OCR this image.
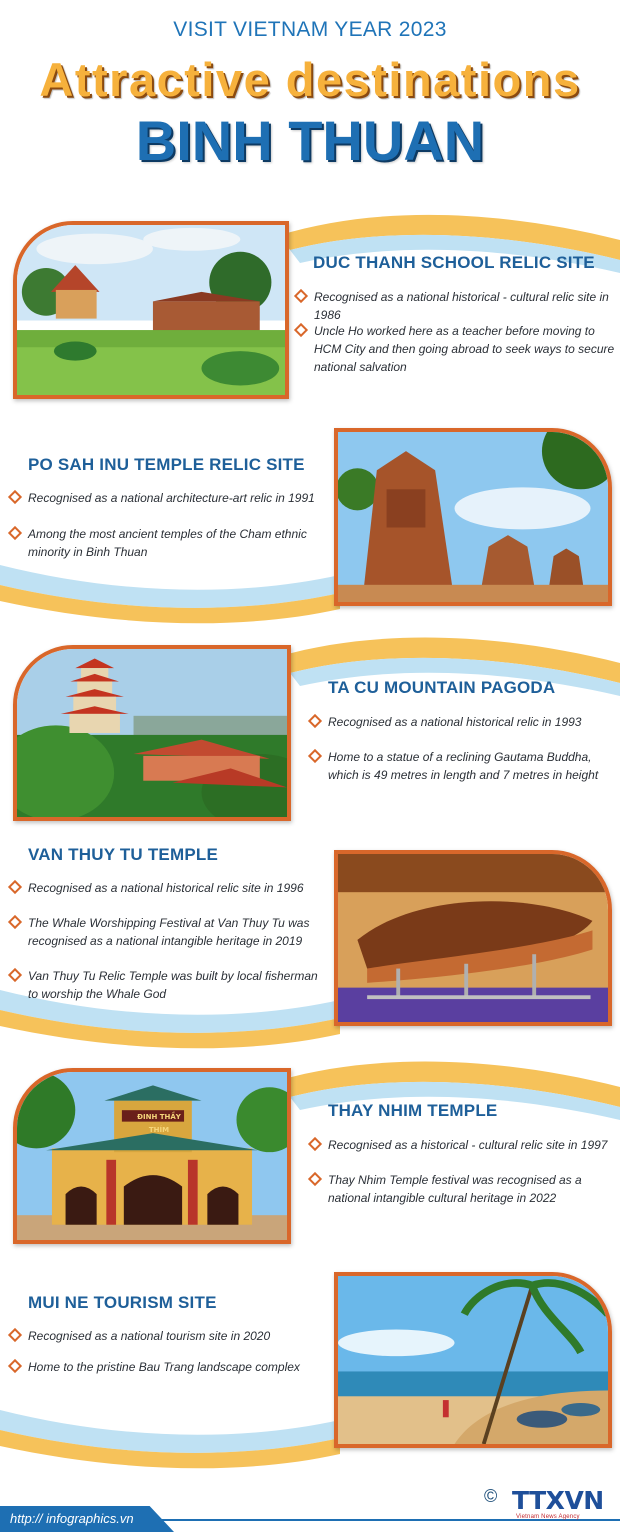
VISIT VIETNAM YEAR 2023
Attractive destinations
BINH THUAN
DUC THANH SCHOOL RELIC SITE
Recognised as a national historical - cultural relic site in 1986
Uncle Ho worked here as a teacher before moving to HCM City and then going abroad to seek ways to secure national salvation
PO SAH INU TEMPLE RELIC SITE
Recognised as a national architecture-art relic in 1991
Among the most ancient temples of the Cham ethnic minority in Binh Thuan
TA CU MOUNTAIN PAGODA
Recognised as a national historical relic in 1993
Home to a statue of a reclining Gautama Buddha, which is 49 metres in length and 7 metres in height
VAN THUY TU TEMPLE
Recognised as a national historical relic site in 1996
The Whale Worshipping Festival at Van Thuy Tu was recognised as a national intangible heritage in 2019
Van Thuy Tu Relic Temple was built by local fisherman to worship the Whale God
ĐINH THẦY THÍM
THAY NHIM TEMPLE
Recognised as a historical - cultural relic site in 1997
Thay Nhim Temple festival was recognised as a national intangible cultural heritage in 2022
MUI NE TOURISM SITE
Recognised as a national tourism site in 2020
Home to the pristine Bau Trang landscape complex
http:// infographics.vn
© TTXVN
Vietnam News Agency
